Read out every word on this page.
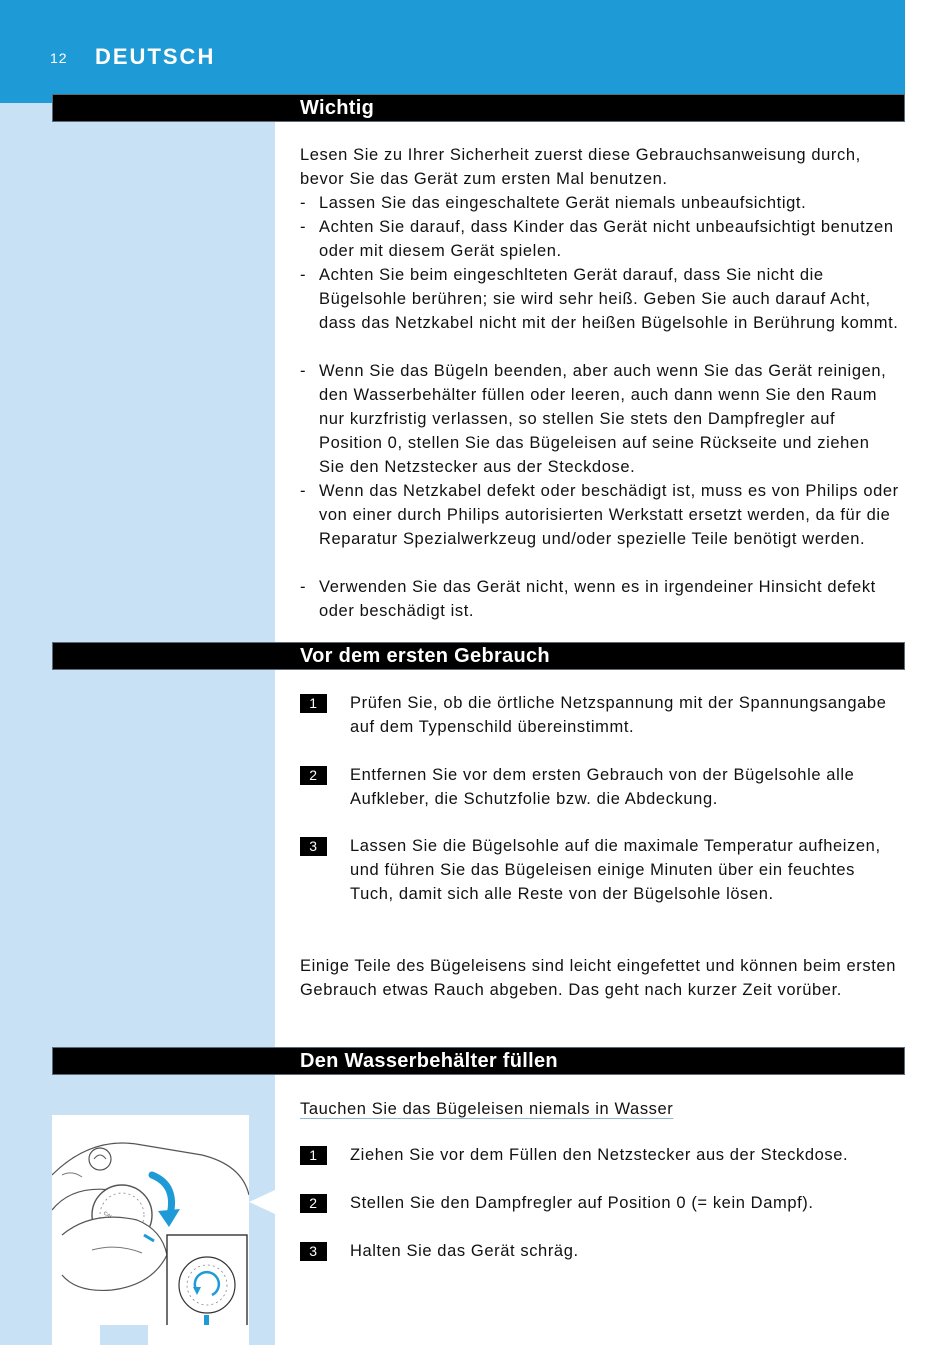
12 DEUTSCH
Wichtig
Lesen Sie zu Ihrer Sicherheit zuerst diese Gebrauchsanweisung durch, bevor Sie das Gerät zum ersten Mal benutzen.
- Lassen Sie das eingeschaltete Gerät niemals unbeaufsichtigt.
- Achten Sie darauf, dass Kinder das Gerät nicht unbeaufsichtigt benutzen oder mit diesem Gerät spielen.
- Achten Sie beim eingeschlteten Gerät darauf, dass Sie nicht die Bügelsohle berühren; sie wird sehr heiß. Geben Sie auch darauf Acht, dass das Netzkabel nicht mit der heißen Bügelsohle in Berührung kommt.
- Wenn Sie das Bügeln beenden, aber auch wenn Sie das Gerät reinigen, den Wasserbehälter füllen oder leeren, auch dann wenn Sie den Raum nur kurzfristig verlassen, so stellen Sie stets den Dampfregler auf Position 0, stellen Sie das Bügeleisen auf seine Rückseite und ziehen Sie den Netzstecker aus der Steckdose.
- Wenn das Netzkabel defekt oder beschädigt ist, muss es von Philips oder von einer durch Philips autorisierten Werkstatt ersetzt werden, da für die Reparatur Spezialwerkzeug und/oder spezielle Teile benötigt werden.
- Verwenden Sie das Gerät nicht, wenn es in irgendeiner Hinsicht defekt oder beschädigt ist.
Vor dem ersten Gebrauch
1	Prüfen Sie, ob die örtliche Netzspannung mit der Spannungsangabe auf dem Typenschild übereinstimmt.
2	Entfernen Sie vor dem ersten Gebrauch von der Bügelsohle alle Aufkleber, die Schutzfolie bzw. die Abdeckung.
3	Lassen Sie die Bügelsohle auf die maximale Temperatur aufheizen, und führen Sie das Bügeleisen einige Minuten über ein feuchtes Tuch, damit sich alle Reste von der Bügelsohle lösen.
Einige Teile des Bügeleisens sind leicht eingefettet und können beim ersten Gebrauch etwas Rauch abgeben. Das geht nach kurzer Zeit vorüber.
Den Wasserbehälter füllen
Tauchen Sie das Bügeleisen niemals in Wasser
1	Ziehen Sie vor dem Füllen den Netzstecker aus der Steckdose.
2	Stellen Sie den Dampfregler auf Position 0 (= kein Dampf).
3	Halten Sie das Gerät schräg.
